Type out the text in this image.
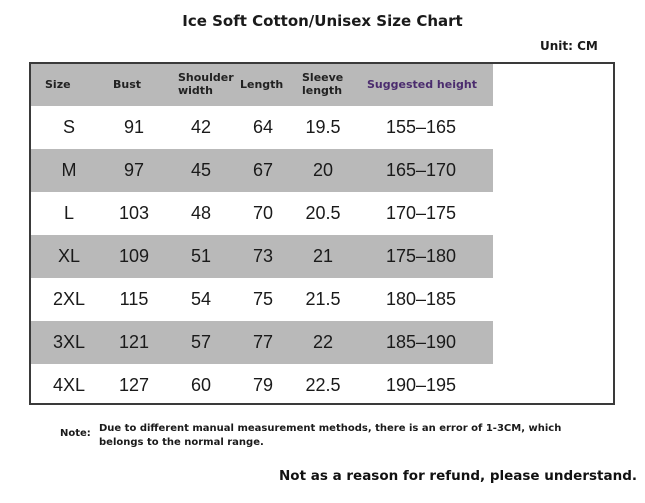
Ice Soft Cotton/Unisex Size Chart
Unit: CM
Size	Bust	Shoulder width	Length	Sleeve length	Suggested height
S	91	42	64	19.5	155–165
M	97	45	67	20	165–170
L	103	48	70	20.5	170–175
XL	109	51	73	21	175–180
2XL	115	54	75	21.5	180–185
3XL	121	57	77	22	185–190
4XL	127	60	79	22.5	190–195
Note: Due to different manual measurement methods, there is an error of 1-3CM, which belongs to the normal range.
Not as a reason for refund, please understand.
